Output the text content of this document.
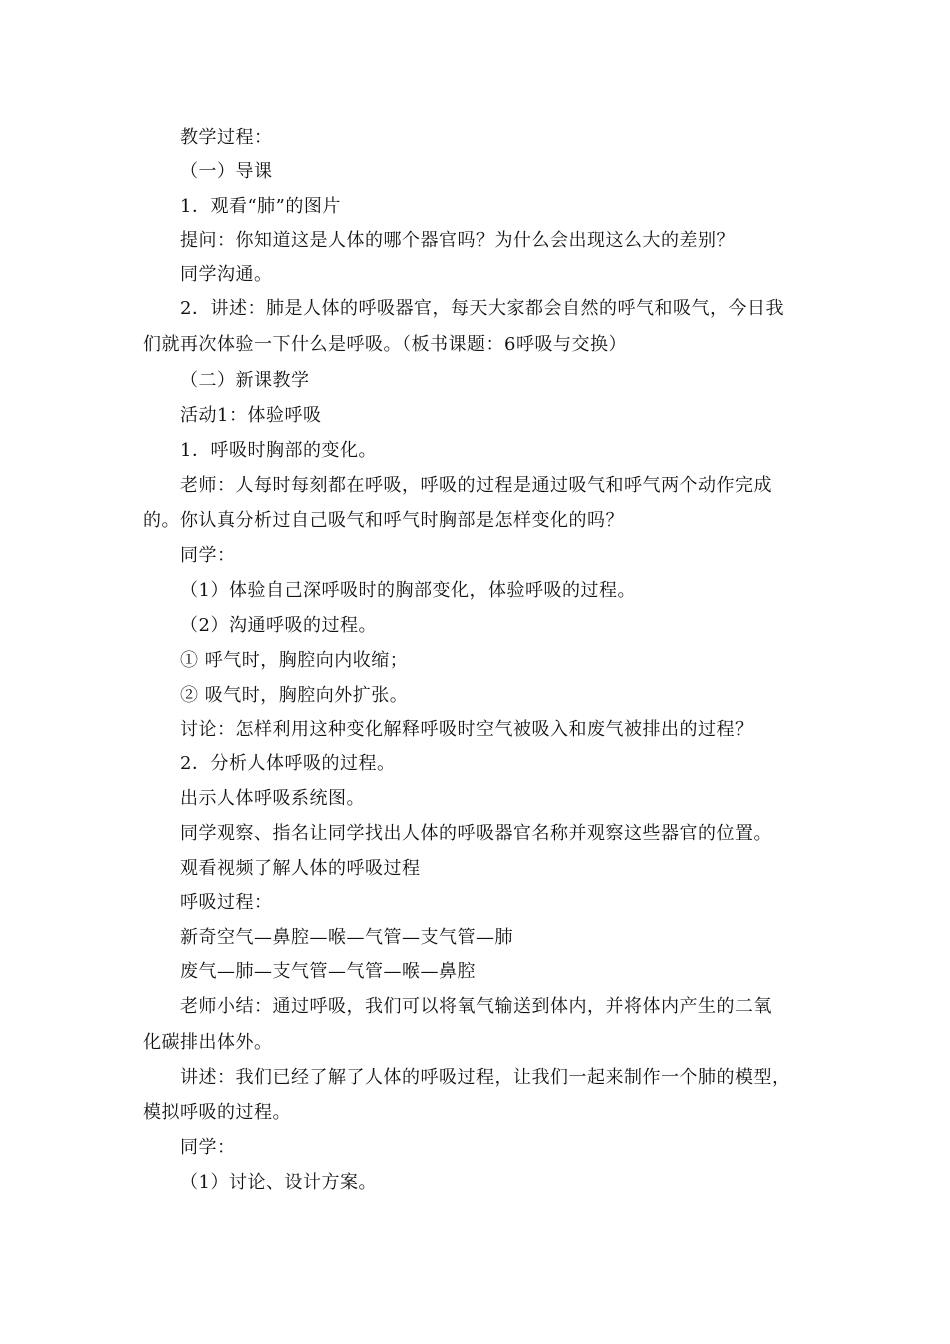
教学过程：
（一）导课
1．观看“肺”的图片
提问：你知道这是人体的哪个器官吗？为什么会出现这么大的差别？
同学沟通。
2．讲述：肺是人体的呼吸器官，每天大家都会自然的呼气和吸气，今日我
们就再次体验一下什么是呼吸。（板书课题：6呼吸与交换）
（二）新课教学
活动1：体验呼吸
1．呼吸时胸部的变化。
老师：人每时每刻都在呼吸，呼吸的过程是通过吸气和呼气两个动作完成
的。你认真分析过自己吸气和呼气时胸部是怎样变化的吗？
同学：
（1）体验自己深呼吸时的胸部变化，体验呼吸的过程。
（2）沟通呼吸的过程。
① 呼气时，胸腔向内收缩；
② 吸气时，胸腔向外扩张。
讨论：怎样利用这种变化解释呼吸时空气被吸入和废气被排出的过程？
2．分析人体呼吸的过程。
出示人体呼吸系统图。
同学观察、指名让同学找出人体的呼吸器官名称并观察这些器官的位置。
观看视频了解人体的呼吸过程
呼吸过程：
新奇空气—鼻腔—喉—气管—支气管—肺
废气—肺—支气管—气管—喉—鼻腔
老师小结：通过呼吸，我们可以将氧气输送到体内，并将体内产生的二氧
化碳排出体外。
讲述：我们已经了解了人体的呼吸过程，让我们一起来制作一个肺的模型，
模拟呼吸的过程。
同学：
（1）讨论、设计方案。
